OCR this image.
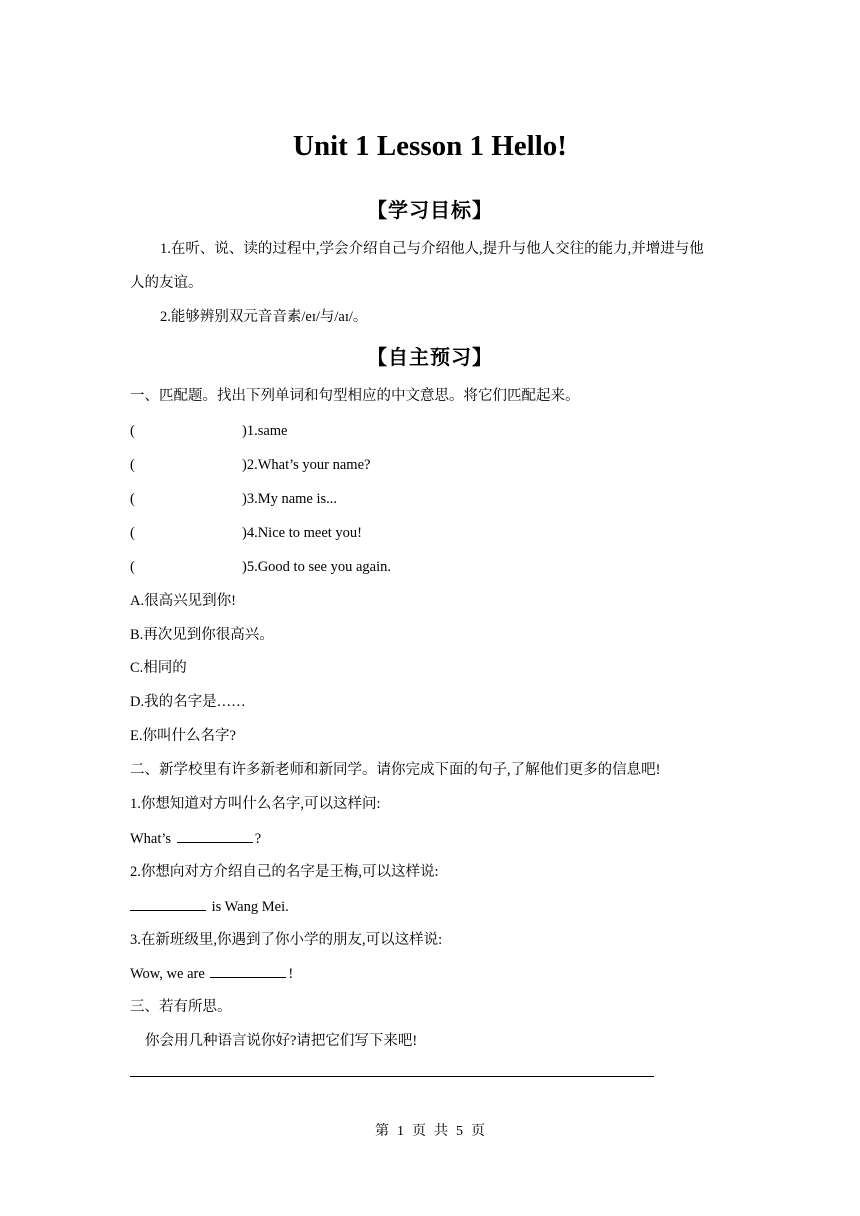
Unit 1 Lesson 1 Hello!
【学习目标】
1.在听、说、读的过程中,学会介绍自己与介绍他人,提升与他人交往的能力,并增进与他
人的友谊。
2.能够辨别双元音音素/eɪ/与/aɪ/。
【自主预习】
一、匹配题。找出下列单词和句型相应的中文意思。将它们匹配起来。
(	)1.same
(	)2.What’s your name?
(	)3.My name is...
(	)4.Nice to meet you!
(	)5.Good to see you again.
A.很高兴见到你!
B.再次见到你很高兴。
C.相同的
D.我的名字是……
E.你叫什么名字?
二、新学校里有许多新老师和新同学。请你完成下面的句子,了解他们更多的信息吧!
1.你想知道对方叫什么名字,可以这样问:
What’s	?
2.你想向对方介绍自己的名字是王梅,可以这样说:
is Wang Mei.
3.在新班级里,你遇到了你小学的朋友,可以这样说:
Wow, we are	!
三、若有所思。
你会用几种语言说你好?请把它们写下来吧!
第 1 页 共 5 页
